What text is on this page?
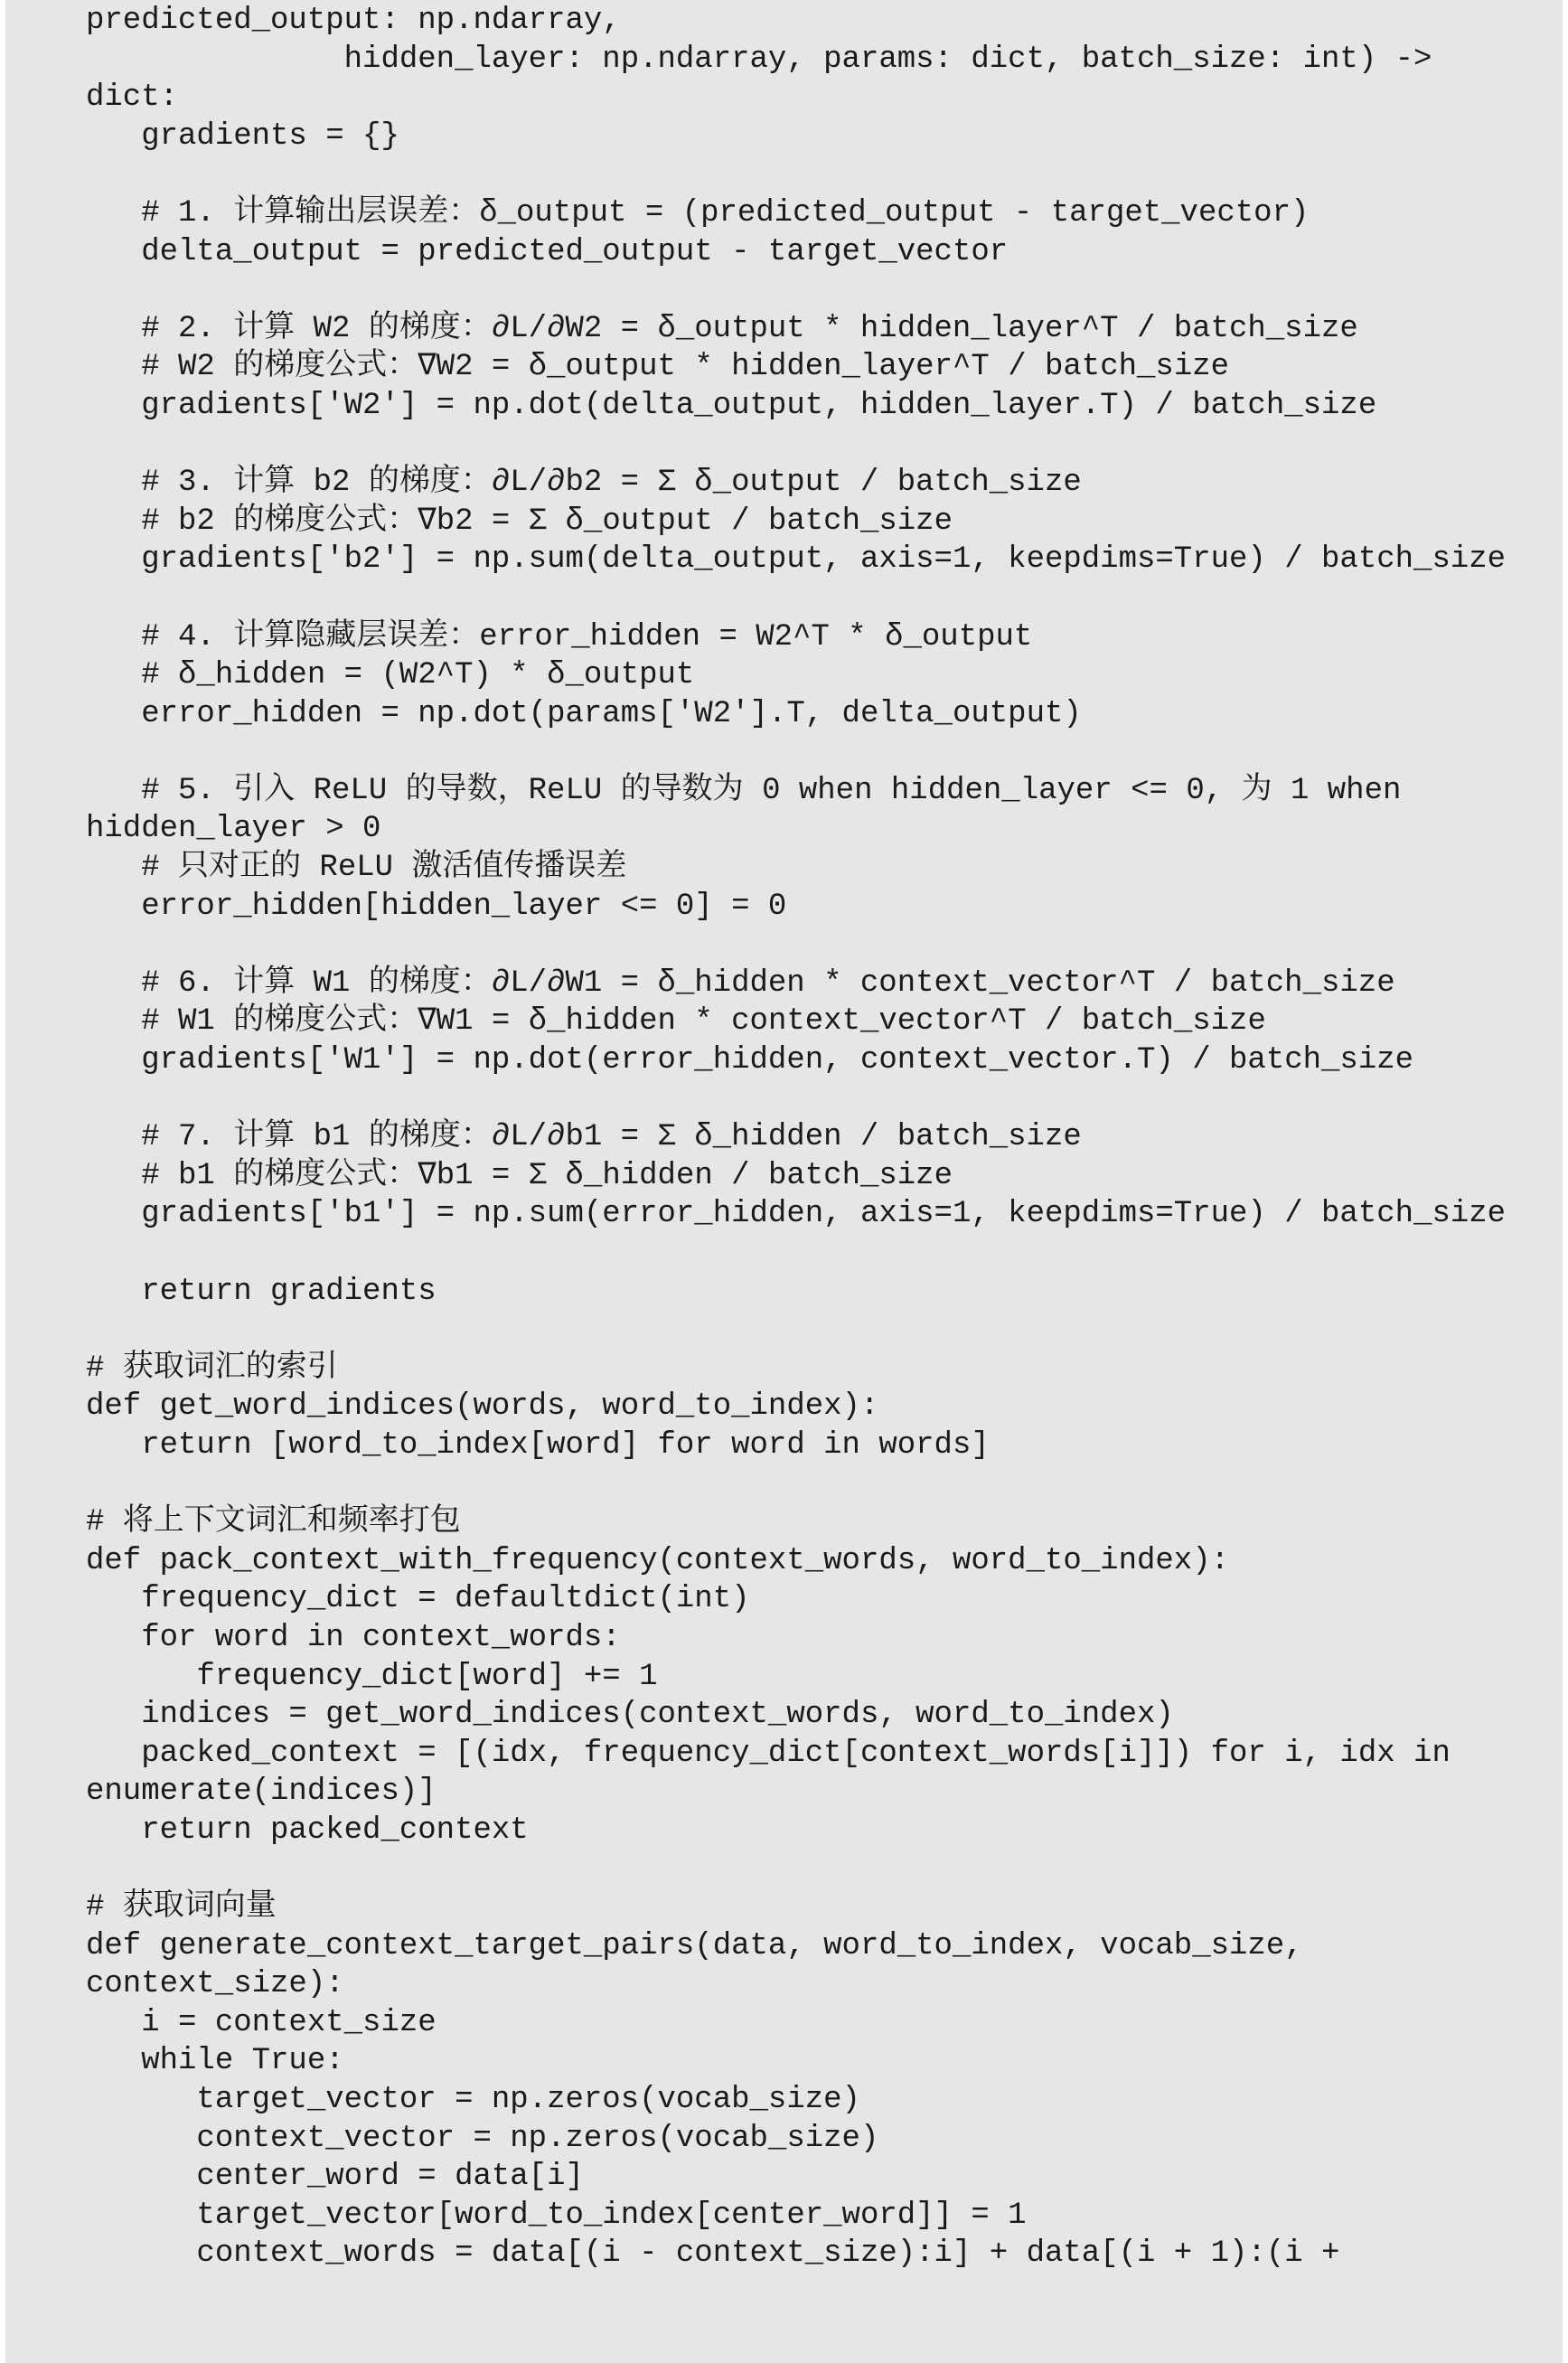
predicted_output: np.ndarray,
hidden_layer: np.ndarray, params: dict, batch_size: int) ->
dict:
gradients = {}
# 1. 计算输出层误差：δ_output = (predicted_output - target_vector)
delta_output = predicted_output - target_vector
# 2. 计算 W2 的梯度：∂L/∂W2 = δ_output * hidden_layer^T / batch_size
# W2 的梯度公式：∇W2 = δ_output * hidden_layer^T / batch_size
gradients['W2'] = np.dot(delta_output, hidden_layer.T) / batch_size
# 3. 计算 b2 的梯度：∂L/∂b2 = Σ δ_output / batch_size
# b2 的梯度公式：∇b2 = Σ δ_output / batch_size
gradients['b2'] = np.sum(delta_output, axis=1, keepdims=True) / batch_size
# 4. 计算隐藏层误差：error_hidden = W2^T * δ_output
# δ_hidden = (W2^T) * δ_output
error_hidden = np.dot(params['W2'].T, delta_output)
# 5. 引入 ReLU 的导数，ReLU 的导数为 0 when hidden_layer <= 0, 为 1 when
hidden_layer > 0
# 只对正的 ReLU 激活值传播误差
error_hidden[hidden_layer <= 0] = 0
# 6. 计算 W1 的梯度：∂L/∂W1 = δ_hidden * context_vector^T / batch_size
# W1 的梯度公式：∇W1 = δ_hidden * context_vector^T / batch_size
gradients['W1'] = np.dot(error_hidden, context_vector.T) / batch_size
# 7. 计算 b1 的梯度：∂L/∂b1 = Σ δ_hidden / batch_size
# b1 的梯度公式：∇b1 = Σ δ_hidden / batch_size
gradients['b1'] = np.sum(error_hidden, axis=1, keepdims=True) / batch_size
return gradients
# 获取词汇的索引
def get_word_indices(words, word_to_index):
return [word_to_index[word] for word in words]
# 将上下文词汇和频率打包
def pack_context_with_frequency(context_words, word_to_index):
frequency_dict = defaultdict(int)
for word in context_words:
frequency_dict[word] += 1
indices = get_word_indices(context_words, word_to_index)
packed_context = [(idx, frequency_dict[context_words[i]]) for i, idx in
enumerate(indices)]
return packed_context
# 获取词向量
def generate_context_target_pairs(data, word_to_index, vocab_size,
context_size):
i = context_size
while True:
target_vector = np.zeros(vocab_size)
context_vector = np.zeros(vocab_size)
center_word = data[i]
target_vector[word_to_index[center_word]] = 1
context_words = data[(i - context_size):i] + data[(i + 1):(i +
